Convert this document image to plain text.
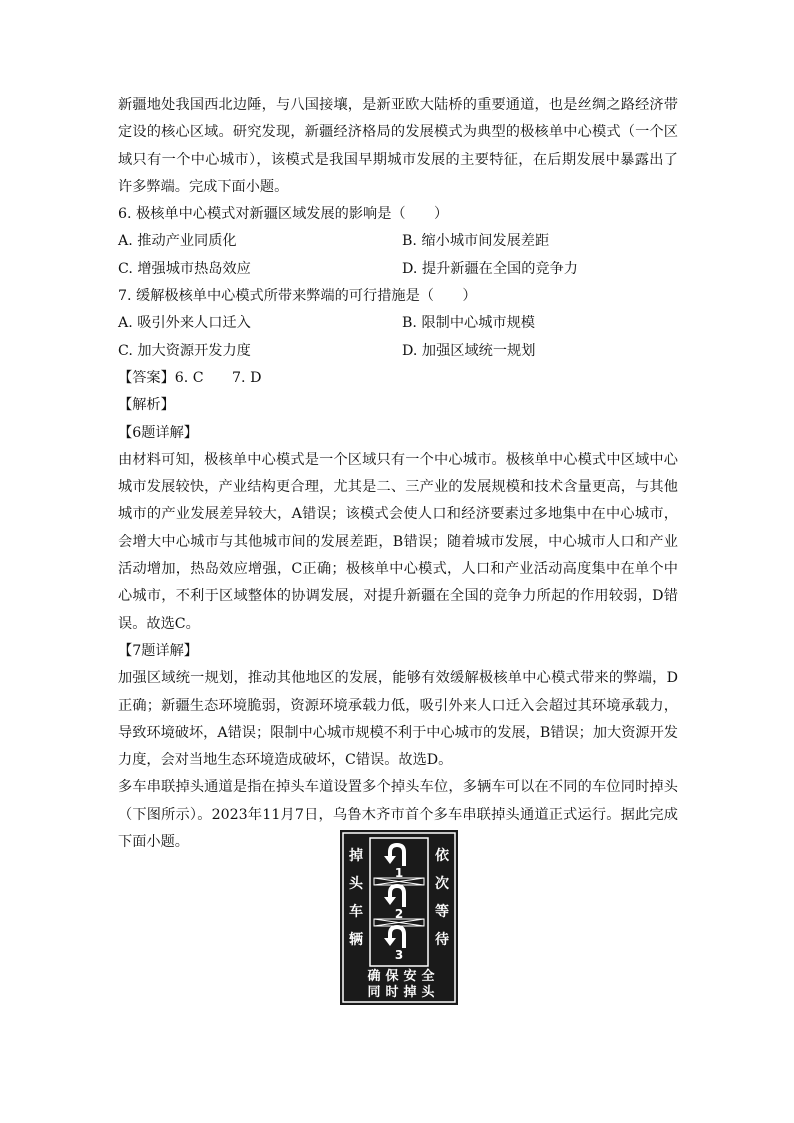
新疆地处我国西北边陲，与八国接壤，是新亚欧大陆桥的重要通道，也是丝绸之路经济带定设的核心区域。研究发现，新疆经济格局的发展模式为典型的极核单中心模式（一个区域只有一个中心城市），该模式是我国早期城市发展的主要特征，在后期发展中暴露出了许多弊端。完成下面小题。

6. 极核单中心模式对新疆区域发展的影响是（　　）

A. 推动产业同质化	B. 缩小城市间发展差距
C. 增强城市热岛效应	D. 提升新疆在全国的竞争力

7. 缓解极核单中心模式所带来弊端的可行措施是（　　）

A. 吸引外来人口迁入	B. 限制中心城市规模
C. 加大资源开发力度	D. 加强区域统一规划

【答案】6. C　　7. D

【解析】

【6题详解】

由材料可知，极核单中心模式是一个区域只有一个中心城市。极核单中心模式中区域中心城市发展较快，产业结构更合理，尤其是二、三产业的发展规模和技术含量更高，与其他城市的产业发展差异较大，A错误；该模式会使人口和经济要素过多地集中在中心城市，会增大中心城市与其他城市间的发展差距，B错误；随着城市发展，中心城市人口和产业活动增加，热岛效应增强，C正确；极核单中心模式，人口和产业活动高度集中在单个中心城市，不利于区域整体的协调发展，对提升新疆在全国的竞争力所起的作用较弱，D错误。故选C。

【7题详解】

加强区域统一规划，推动其他地区的发展，能够有效缓解极核单中心模式带来的弊端，D正确；新疆生态环境脆弱，资源环境承载力低，吸引外来人口迁入会超过其环境承载力，导致环境破坏，A错误；限制中心城市规模不利于中心城市的发展，B错误；加大资源开发力度，会对当地生态环境造成破坏，C错误。故选D。

多车串联掉头通道是指在掉头车道设置多个掉头车位，多辆车可以在不同的车位同时掉头（下图所示）。2023年11月7日，乌鲁木齐市首个多车串联掉头通道正式运行。据此完成下面小题。

掉
头
车
辆
依
次
等
待
1
2
3
确 保 安 全
同 时 掉 头
